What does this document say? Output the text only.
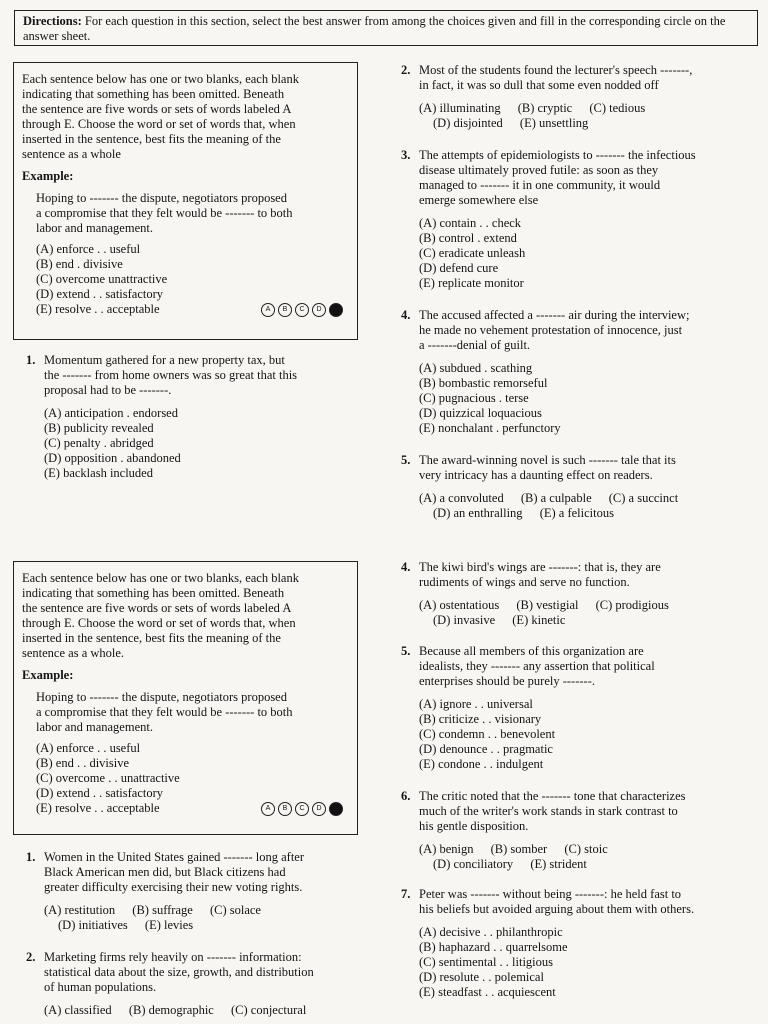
Directions: For each question in this section, select the best answer from among the choices given and fill in the corresponding circle on the answer sheet.

Each sentence below has one or two blanks, each blank

indicating that something has been omitted. Beneath

the sentence are five words or sets of words labeled A

through E. Choose the word or set of words that, when

inserted in the sentence, best fits the meaning of the

sentence as a whole

Example:

Hoping to ------- the dispute, negotiators proposed

a compromise that they felt would be ------- to both

labor and management.

(A) enforce . . useful
(B) end . divisive
(C) overcome unattractive
(D) extend . . satisfactory
(E) resolve . . acceptable	A	B	C	D	E
1. Momentum gathered for a new property tax, but
the ------- from home owners was so great that this
proposal had to be -------.
(A) anticipation . endorsed
(B) publicity revealed
(C) penalty . abridged
(D) opposition . abandoned
(E) backlash included
2. Most of the students found the lecturer's speech -------,
in fact, it was so dull that some even nodded off
(A) illuminating (B) cryptic (C) tedious
(D) disjointed (E) unsettling
3. The attempts of epidemiologists to ------- the infectious
disease ultimately proved futile: as soon as they
managed to ------- it in one community, it would
emerge somewhere else
(A) contain . . check
(B) control . extend
(C) eradicate unleash
(D) defend cure
(E) replicate monitor
4. The accused affected a ------- air during the interview;
he made no vehement protestation of innocence, just
a -------denial of guilt.
(A) subdued . scathing
(B) bombastic remorseful
(C) pugnacious . terse
(D) quizzical loquacious
(E) nonchalant . perfunctory
5. The award-winning novel is such ------- tale that its
very intricacy has a daunting effect on readers.
(A) a convoluted (B) a culpable (C) a succinct
(D) an enthralling (E) a felicitous

Each sentence below has one or two blanks, each blank

indicating that something has been omitted. Beneath

the sentence are five words or sets of words labeled A

through E. Choose the word or set of words that, when

inserted in the sentence, best fits the meaning of the

sentence as a whole.

Example:

Hoping to ------- the dispute, negotiators proposed

a compromise that they felt would be ------- to both

labor and management.

(A) enforce . . useful
(B) end . . divisive
(C) overcome . . unattractive
(D) extend . . satisfactory
(E) resolve . . acceptable	A	B	C	D	E
1. Women in the United States gained ------- long after
Black American men did, but Black citizens had
greater difficulty exercising their new voting rights.
(A) restitution (B) suffrage (C) solace
(D) initiatives (E) levies
2. Marketing firms rely heavily on ------- information:
statistical data about the size, growth, and distribution
of human populations.
(A) classified (B) demographic (C) conjectural
4. The kiwi bird's wings are -------: that is, they are
rudiments of wings and serve no function.
(A) ostentatious (B) vestigial (C) prodigious
(D) invasive (E) kinetic
5. Because all members of this organization are
idealists, they ------- any assertion that political
enterprises should be purely -------.
(A) ignore . . universal
(B) criticize . . visionary
(C) condemn . . benevolent
(D) denounce . . pragmatic
(E) condone . . indulgent
6. The critic noted that the ------- tone that characterizes
much of the writer's work stands in stark contrast to
his gentle disposition.
(A) benign (B) somber (C) stoic
(D) conciliatory (E) strident
7. Peter was ------- without being -------: he held fast to
his beliefs but avoided arguing about them with others.
(A) decisive . . philanthropic
(B) haphazard . . quarrelsome
(C) sentimental . . litigious
(D) resolute . . polemical
(E) steadfast . . acquiescent
